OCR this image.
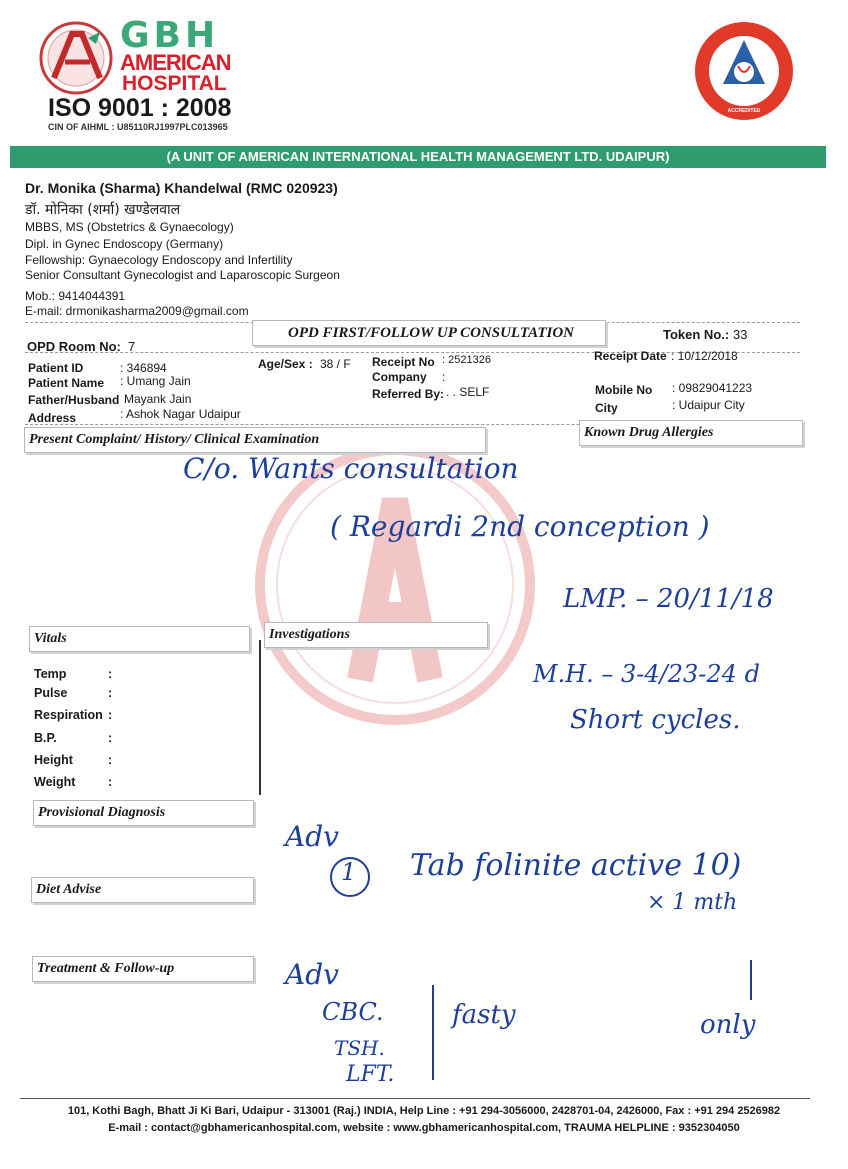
GBH
AMERICAN
HOSPITAL
ISO 9001 : 2008
CIN OF AIHML : U85110RJ1997PLC013965
NABH
ACCREDITED
(A UNIT OF AMERICAN INTERNATIONAL HEALTH MANAGEMENT LTD. UDAIPUR)
Dr. Monika (Sharma) Khandelwal (RMC 020923)
डॉ. मोनिका (शर्मा) खण्डेलवाल
MBBS, MS (Obstetrics & Gynaecology)
Dipl. in Gynec Endoscopy (Germany)
Fellowship: Gynaecology Endoscopy and Infertility
Senior Consultant Gynecologist and Laparoscopic Surgeon
Mob.: 9414044391
E-mail: drmonikasharma2009@gmail.com
OPD FIRST/FOLLOW UP CONSULTATION	Token No.: 33
OPD Room No: 7
Patient ID	: 346894
Patient Name : Umang Jain
Father/Husband Mayank Jain
Address	: Ashok Nagar Udaipur
Age/Sex : 38 / F Receipt No : 2521326
Company :
Referred By: . . SELF
Receipt Date : 10/12/2018
Mobile No : 09829041223
City	: Udaipur City
Present Complaint/ History/ Clinical Examination	Known Drug Allergies
Vitals	Investigations
Temp	:
Pulse	:
Respiration :
B.P.	:
Height	:
Weight	:
Provisional Diagnosis
Diet Advise
Treatment & Follow-up
C/o. Wants consultation
( Regardi 2nd conception )
LMP. – 20/11/18
M.H. – 3-4/23-24 d
Short cycles.
Adv
1 Tab folinite active 10)
× 1 mth
Adv
CBC.
TSH.
LFT.
fasty	only
101, Kothi Bagh, Bhatt Ji Ki Bari, Udaipur - 313001 (Raj.) INDIA, Help Line : +91 294-3056000, 2428701-04, 2426000, Fax : +91 294 2526982
E-mail : contact@gbhamericanhospital.com, website : www.gbhamericanhospital.com, TRAUMA HELPLINE : 9352304050
